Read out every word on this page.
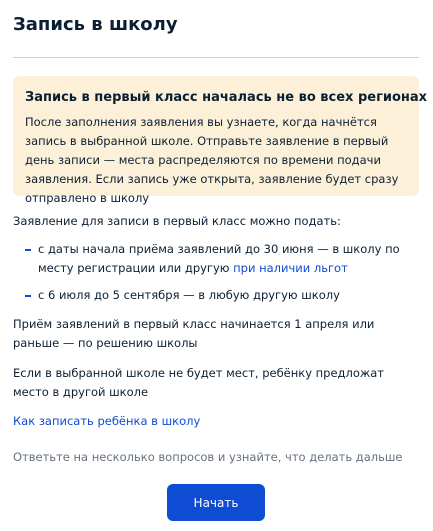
Запись в школу

Запись в первый класс началась не во всех регионах

После заполнения заявления вы узнаете, когда начнётся запись в выбранной школе. Отправьте заявление в первый день записи — места распределяются по времени подачи заявления. Если запись уже открыта, заявление будет сразу отправлено в школу

Заявление для записи в первый класс можно подать:

с даты начала приёма заявлений до 30 июня — в школу по месту регистрации или другую при наличии льгот
с 6 июля до 5 сентября — в любую другую школу

Приём заявлений в первый класс начинается 1 апреля или раньше — по решению школы

Если в выбранной школе не будет мест, ребёнку предложат место в другой школе

Как записать ребёнка в школу
Ответьте на несколько вопросов и узнайте, что делать дальше
Начать
